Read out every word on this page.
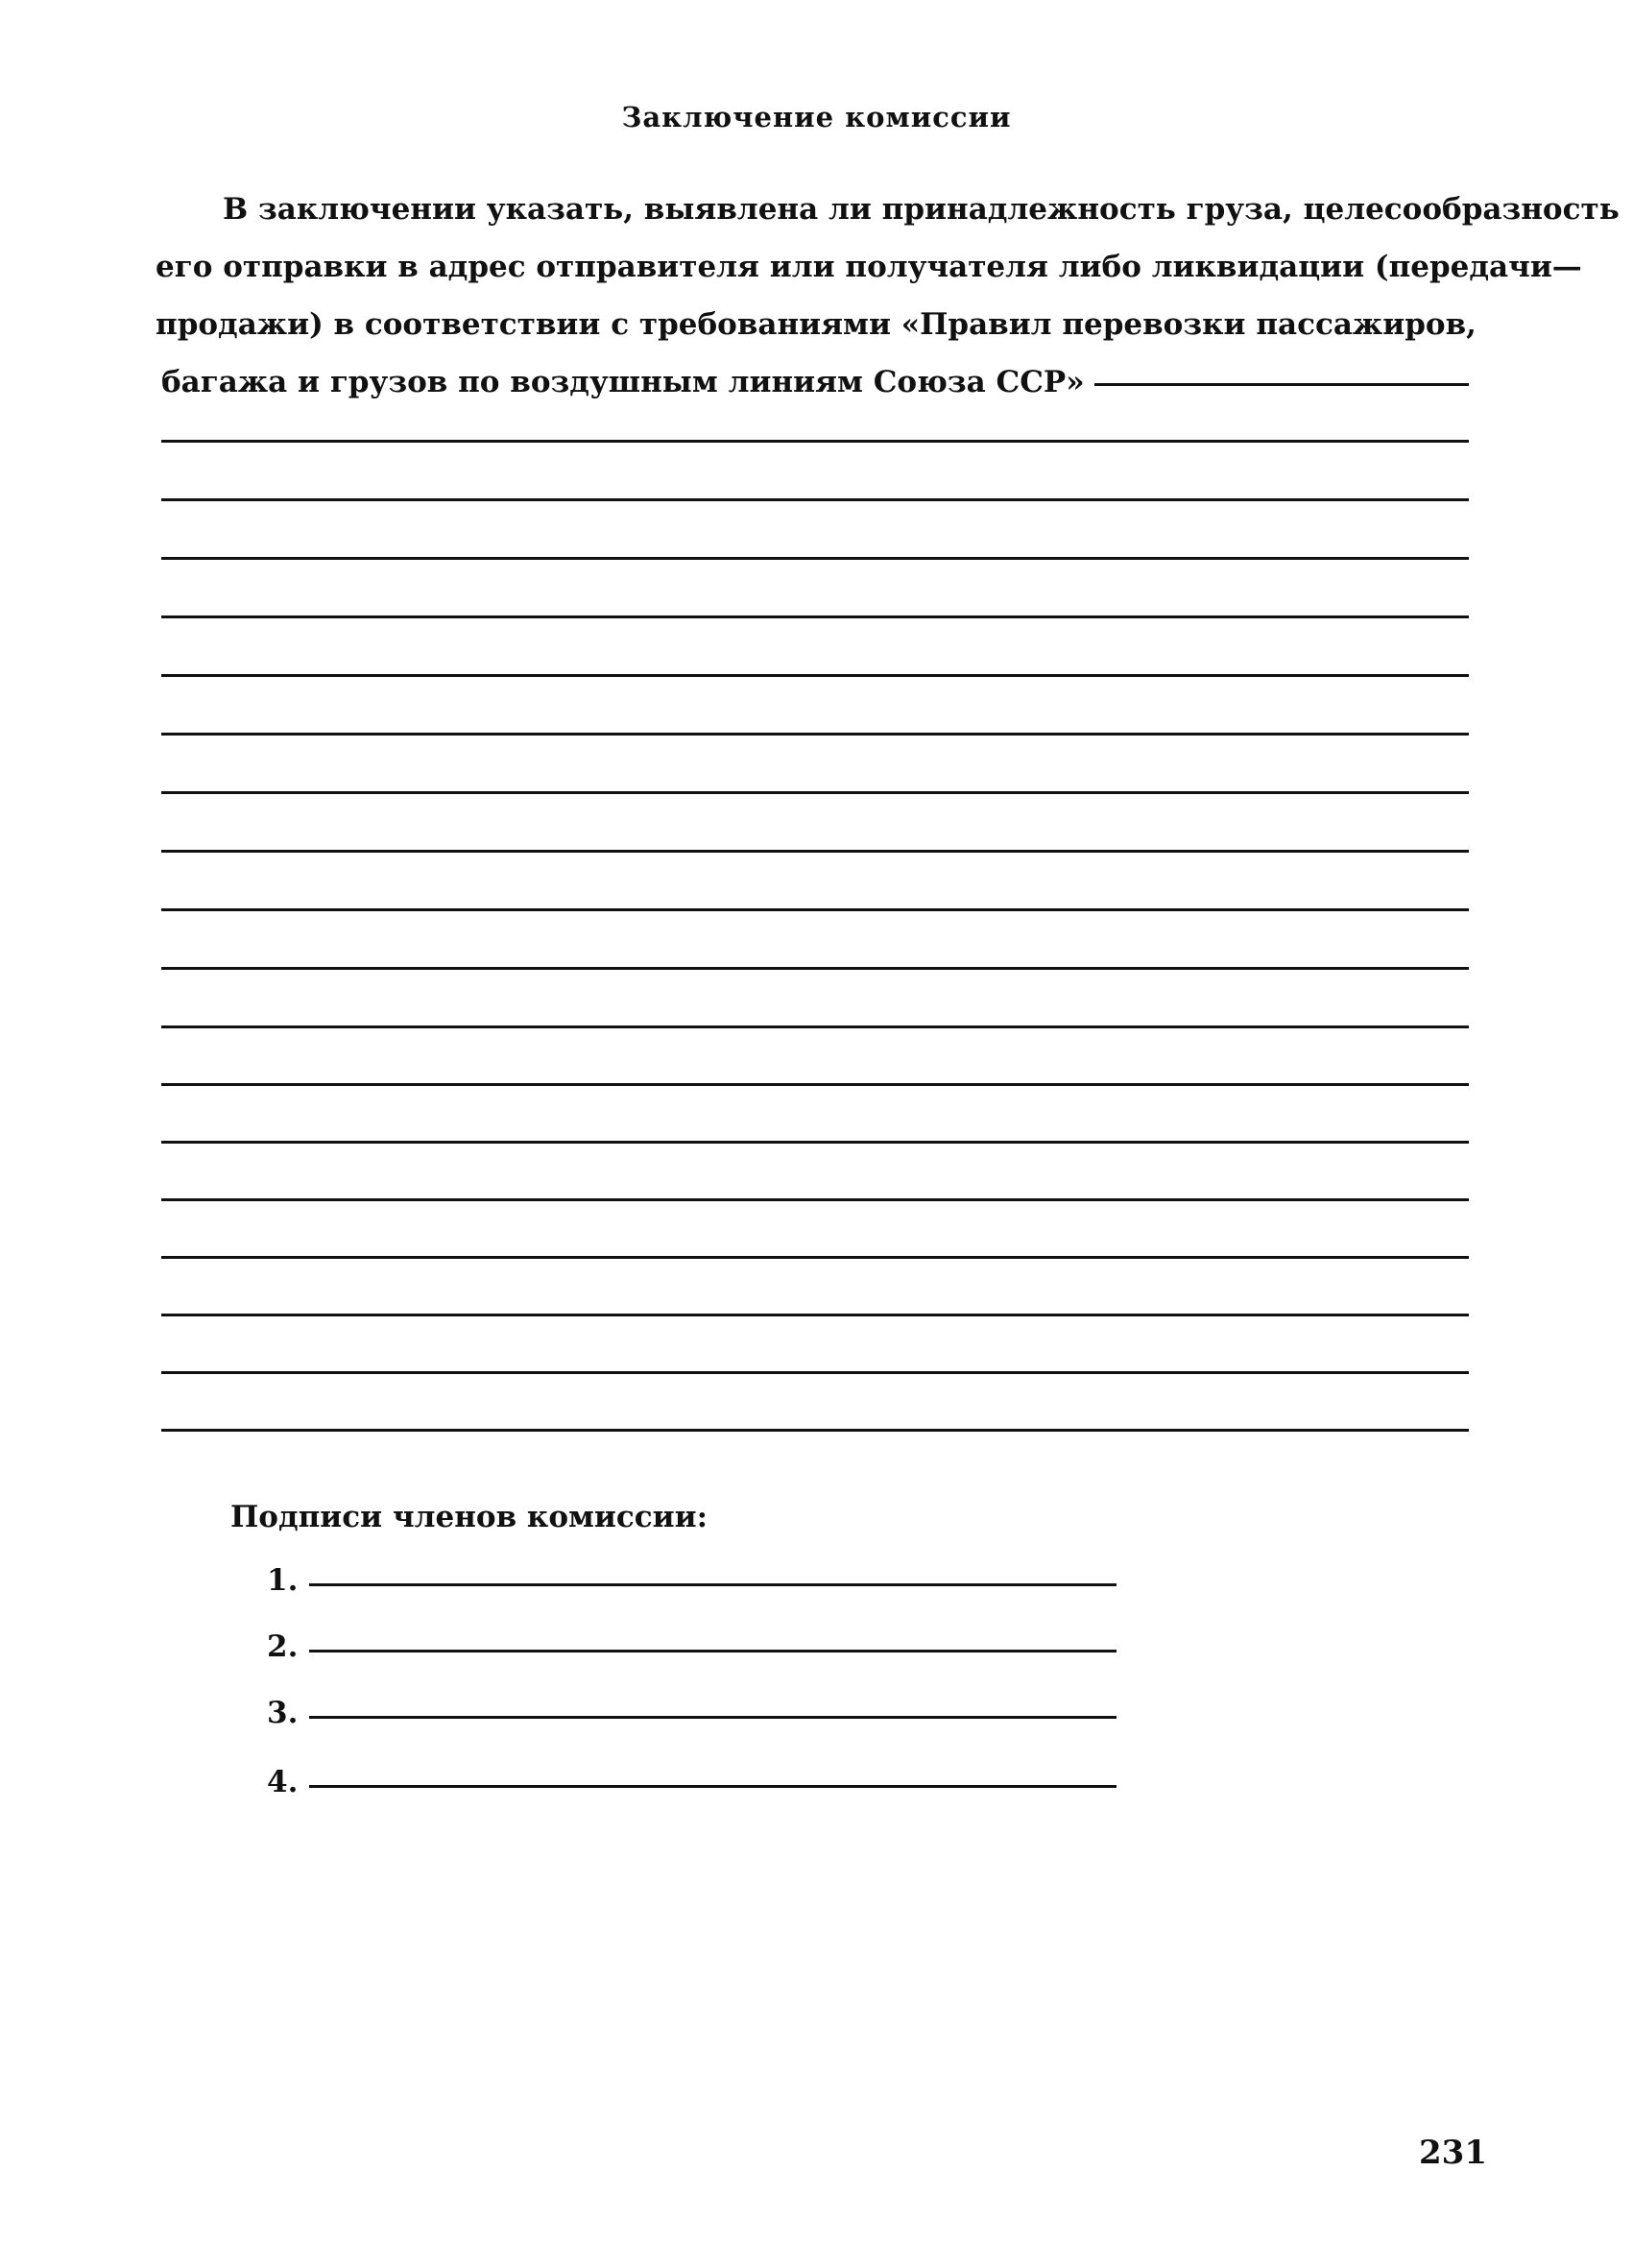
Заключение комиссии
В заключении указать, выявлена ли принадлежность груза, целесообразность
его отправки в адрес отправителя или получателя либо ликвидации (передачи—
продажи) в соответствии с требованиями «Правил перевозки пассажиров,
багажа и грузов по воздушным линиям Союза ССР»
Подписи членов комиссии:
1.
2.
3.
4.
231
